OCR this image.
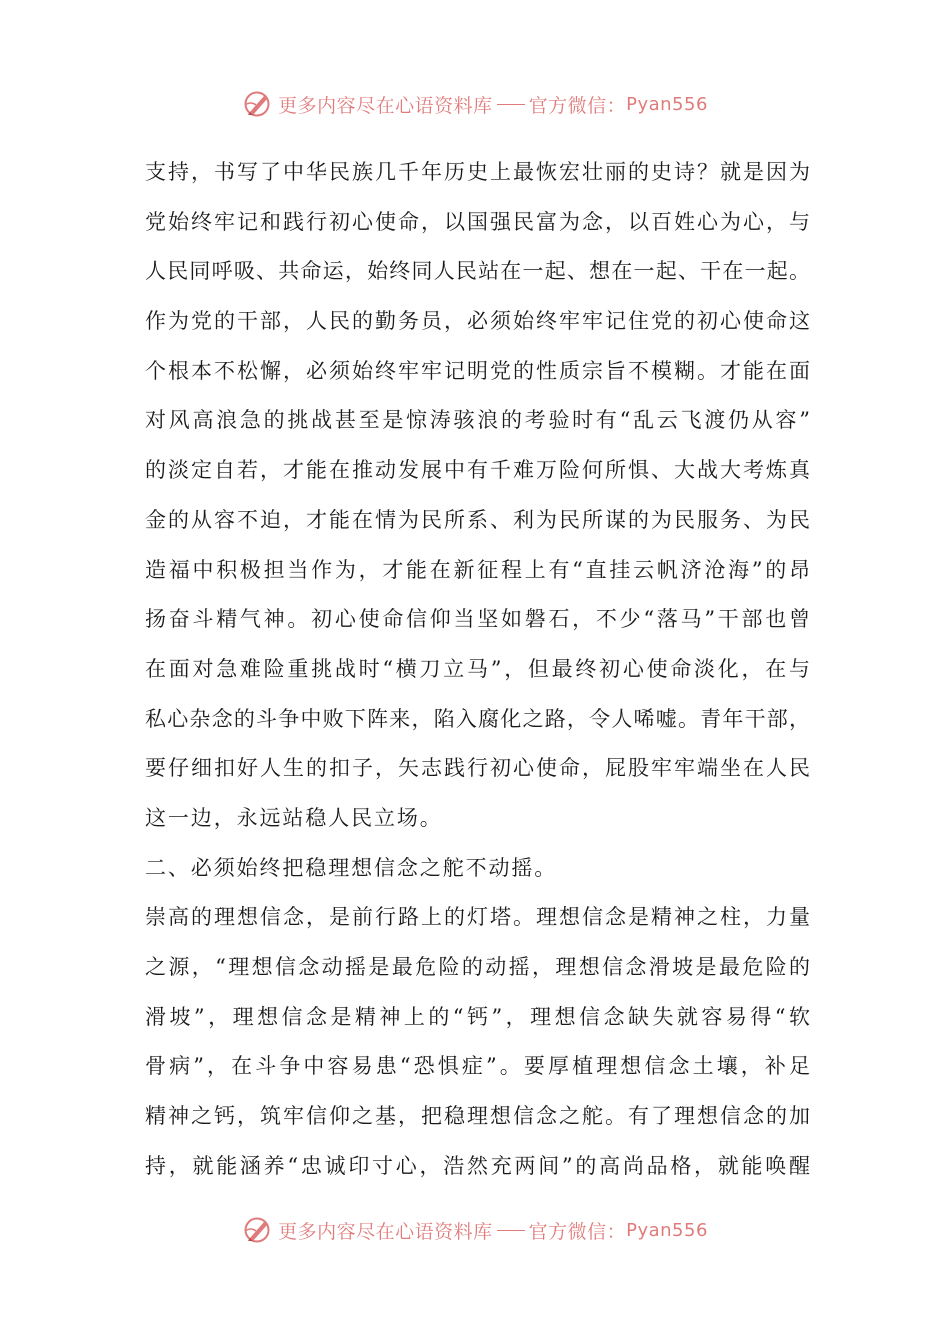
更多内容尽在心语资料库 官方微信： Pyan556
支持，书写了中华民族几千年历史上最恢宏壮丽的史诗？就是因为
党始终牢记和践行初心使命，以国强民富为念，以百姓心为心，与
人民同呼吸、共命运，始终同人民站在一起、想在一起、干在一起。
作为党的干部，人民的勤务员，必须始终牢牢记住党的初心使命这
个根本不松懈，必须始终牢牢记明党的性质宗旨不模糊。才能在面
对风高浪急的挑战甚至是惊涛骇浪的考验时有“乱云飞渡仍从容”
的淡定自若，才能在推动发展中有千难万险何所惧、大战大考炼真
金的从容不迫，才能在情为民所系、利为民所谋的为民服务、为民
造福中积极担当作为，才能在新征程上有“直挂云帆济沧海”的昂
扬奋斗精气神。初心使命信仰当坚如磐石，不少“落马”干部也曾
在面对急难险重挑战时“横刀立马”，但最终初心使命淡化，在与
私心杂念的斗争中败下阵来，陷入腐化之路，令人唏嘘。青年干部，
要仔细扣好人生的扣子，矢志践行初心使命，屁股牢牢端坐在人民
这一边，永远站稳人民立场。
二、必须始终把稳理想信念之舵不动摇。
崇高的理想信念，是前行路上的灯塔。理想信念是精神之柱，力量
之源，“理想信念动摇是最危险的动摇，理想信念滑坡是最危险的
滑坡”，理想信念是精神上的“钙”，理想信念缺失就容易得“软
骨病”，在斗争中容易患“恐惧症”。要厚植理想信念土壤，补足
精神之钙，筑牢信仰之基，把稳理想信念之舵。有了理想信念的加
持，就能涵养“忠诚印寸心，浩然充两间”的高尚品格，就能唤醒
更多内容尽在心语资料库 官方微信： Pyan556
